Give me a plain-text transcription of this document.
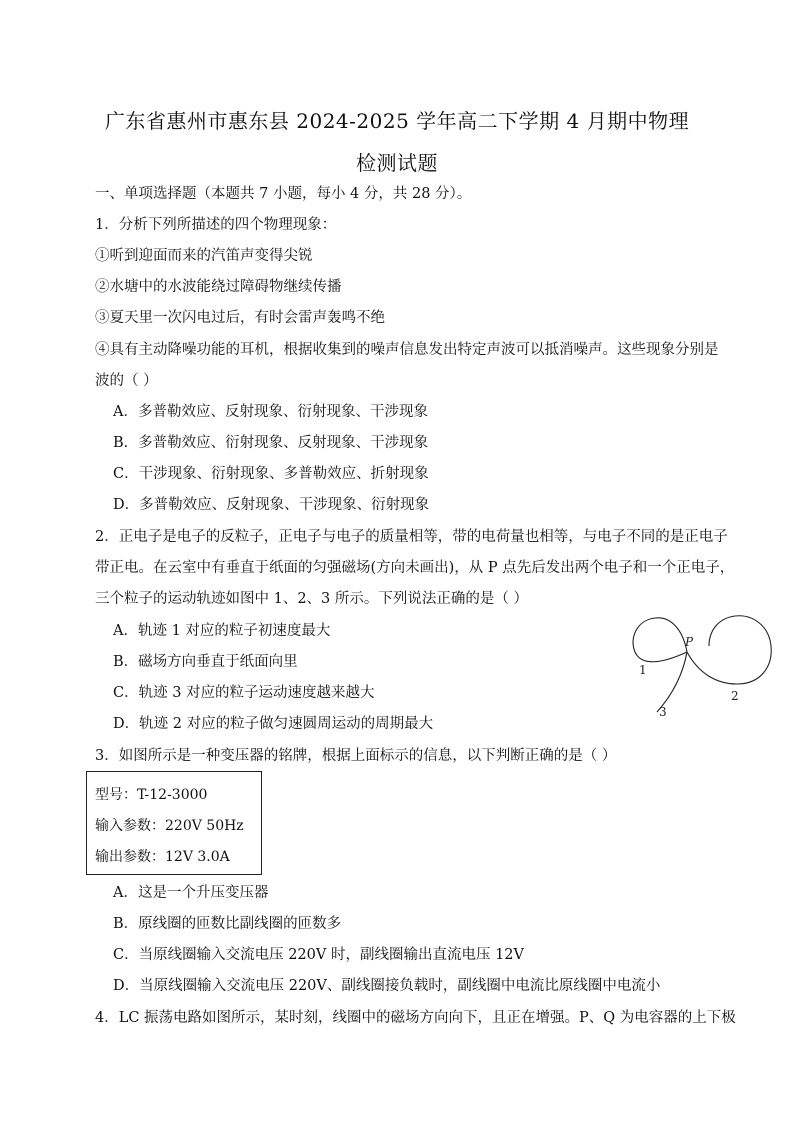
广东省惠州市惠东县 2024-2025 学年高二下学期 4 月期中物理
检测试题
一、单项选择题（本题共 7 小题，每小 4 分，共 28 分）。
1．分析下列所描述的四个物理现象：
①听到迎面而来的汽笛声变得尖锐
②水塘中的水波能绕过障碍物继续传播
③夏天里一次闪电过后，有时会雷声轰鸣不绝
④具有主动降噪功能的耳机，根据收集到的噪声信息发出特定声波可以抵消噪声。这些现象分别是
波的（ ）
A．多普勒效应、反射现象、衍射现象、干涉现象
B．多普勒效应、衍射现象、反射现象、干涉现象
C．干涉现象、衍射现象、多普勒效应、折射现象
D．多普勒效应、反射现象、干涉现象、衍射现象
2．正电子是电子的反粒子，正电子与电子的质量相等，带的电荷量也相等，与电子不同的是正电子
带正电。在云室中有垂直于纸面的匀强磁场(方向未画出)，从 P 点先后发出两个电子和一个正电子，
三个粒子的运动轨迹如图中 1、2、3 所示。下列说法正确的是（ ）
A．轨迹 1 对应的粒子初速度最大
B．磁场方向垂直于纸面向里
C．轨迹 3 对应的粒子运动速度越来越大
D．轨迹 2 对应的粒子做匀速圆周运动的周期最大
P
1
2
3
3．如图所示是一种变压器的铭牌，根据上面标示的信息，以下判断正确的是（ ）
型号：T-12-3000
输入参数：220V 50Hz
输出参数：12V 3.0A
A．这是一个升压变压器
B．原线圈的匝数比副线圈的匝数多
C．当原线圈输入交流电压 220V 时，副线圈输出直流电压 12V
D．当原线圈输入交流电压 220V、副线圈接负载时，副线圈中电流比原线圈中电流小
4．LC 振荡电路如图所示，某时刻，线圈中的磁场方向向下，且正在增强。P、Q 为电容器的上下极
